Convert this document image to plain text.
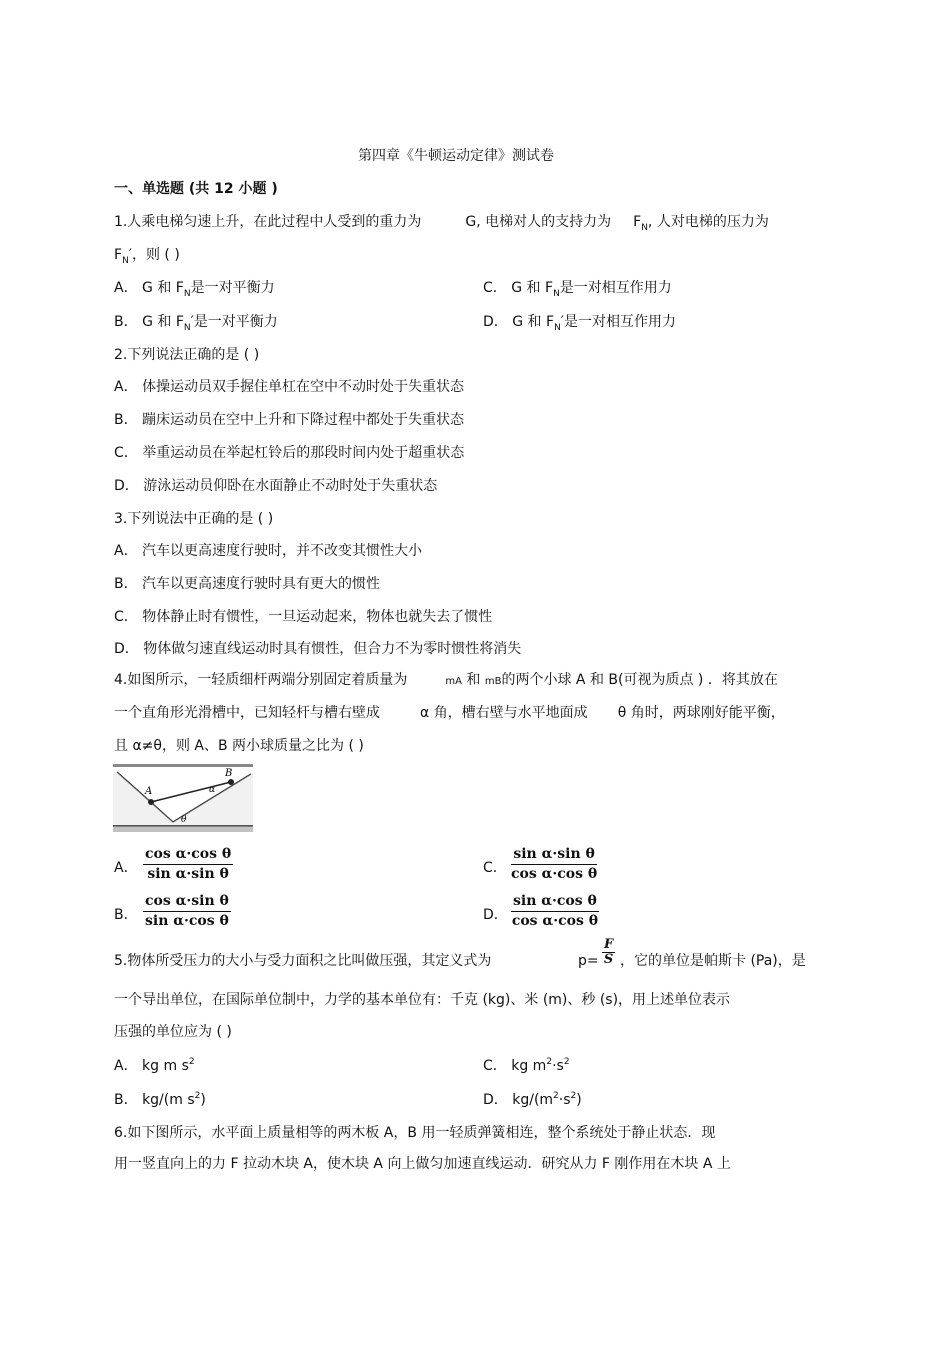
第四章《牛顿运动定律》测试卷
一、单选题 (共 12 小题 )
1.人乘电梯匀速上升，在此过程中人受到的重力为	G, 电梯对人的支持力为 $F_N$, 人对电梯的压力为
$F_N'$，则 ( )
A． G 和 $F_N$是一对平衡力	C． G 和 $F_N$是一对相互作用力
B． G 和 $F_N'$是一对平衡力	D． G 和 $F_N'$是一对相互作用力
2.下列说法正确的是 ( )
A． 体操运动员双手握住单杠在空中不动时处于失重状态
B． 蹦床运动员在空中上升和下降过程中都处于失重状态
C． 举重运动员在举起杠铃后的那段时间内处于超重状态
D． 游泳运动员仰卧在水面静止不动时处于失重状态
3.下列说法中正确的是 ( )
A． 汽车以更高速度行驶时，并不改变其惯性大小
B． 汽车以更高速度行驶时具有更大的惯性
C． 物体静止时有惯性，一旦运动起来，物体也就失去了惯性
D． 物体做匀速直线运动时具有惯性，但合力不为零时惯性将消失
4.如图所示，一轻质细杆两端分别固定着质量为	mA 和 mB的两个小球 A 和 B(可视为质点 ) ．将其放在
一个直角形光滑槽中，已知轻杆与槽右壁成	α 角，槽右壁与水平地面成 θ 角时，两球刚好能平衡，
且 α≠θ，则 A、B 两小球质量之比为 ( )
A
B
α
θ
A． $\frac{\text{cos α·cos θ}}{\text{sin α·sin θ}}$	C． $\frac{\text{sin α·sin θ}}{\text{cos α·cos θ}}$
B． $\frac{\text{cos α·sin θ}}{\text{sin α·cos θ}}$	D． $\frac{\text{sin α·cos θ}}{\text{cos α·cos θ}}$
5.物体所受压力的大小与受力面积之比叫做压强，其定义式为	$p= \frac{F}{S}$ ，它的单位是帕斯卡 (Pa)，是
一个导出单位，在国际单位制中，力学的基本单位有：千克 (kg)、米 (m)、秒 (s)，用上述单位表示
压强的单位应为 ( )
A． kg m $s^2$	C． kg $m^2\cdot s^2$
B． kg/(m $s^2$)	D． $kg/(m^2\cdot s^2)$
6.如下图所示，水平面上质量相等的两木板 A，B 用一轻质弹簧相连，整个系统处于静止状态．现
用一竖直向上的力 F 拉动木块 A，使木块 A 向上做匀加速直线运动．研究从力 F 刚作用在木块 A 上
